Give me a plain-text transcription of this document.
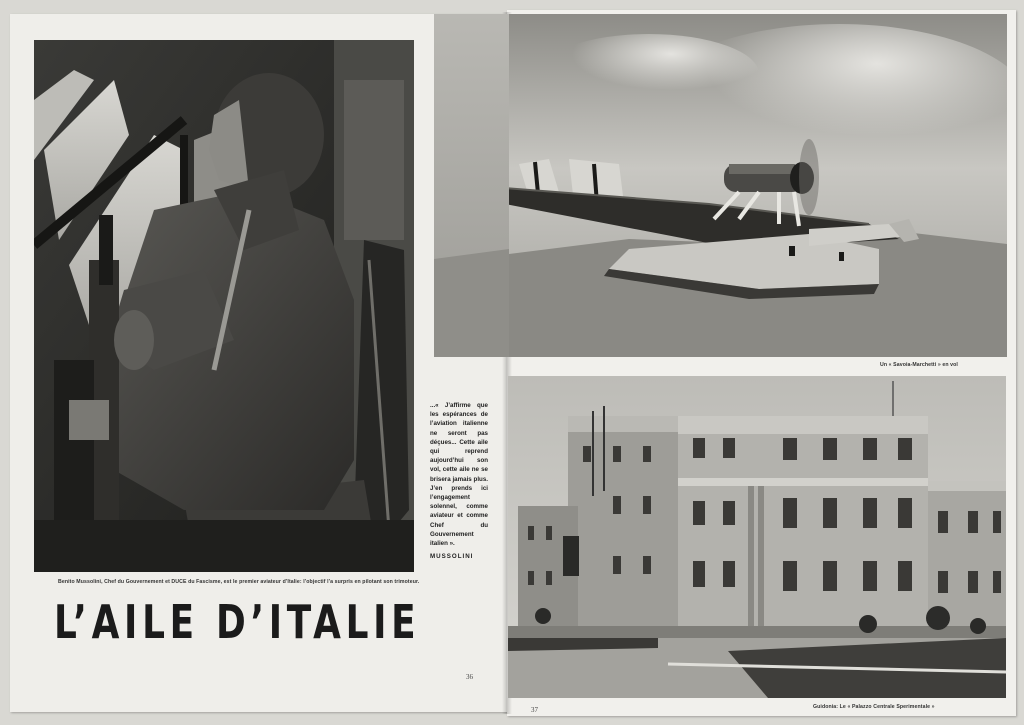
Benito Mussolini, Chef du Gouvernement et DUCE du Fascisme, est le premier aviateur d’Italie: l’objectif l’a surpris en pilotant son trimoteur.

...« J’affirme que les espérances de l’aviation italienne ne seront pas déçues... Cette aile qui reprend aujourd’hui son vol, cette aile ne se brisera jamais plus. J’en prends ici l’engagement solennel, comme aviateur et comme Chef du Gouvernement italien ».

MUSSOLINI

L’AILE D’ITALIE
36
Un « Savoia-Marchetti » en vol
Guidonia: Le « Palazzo Centrale Sperimentale »
37
